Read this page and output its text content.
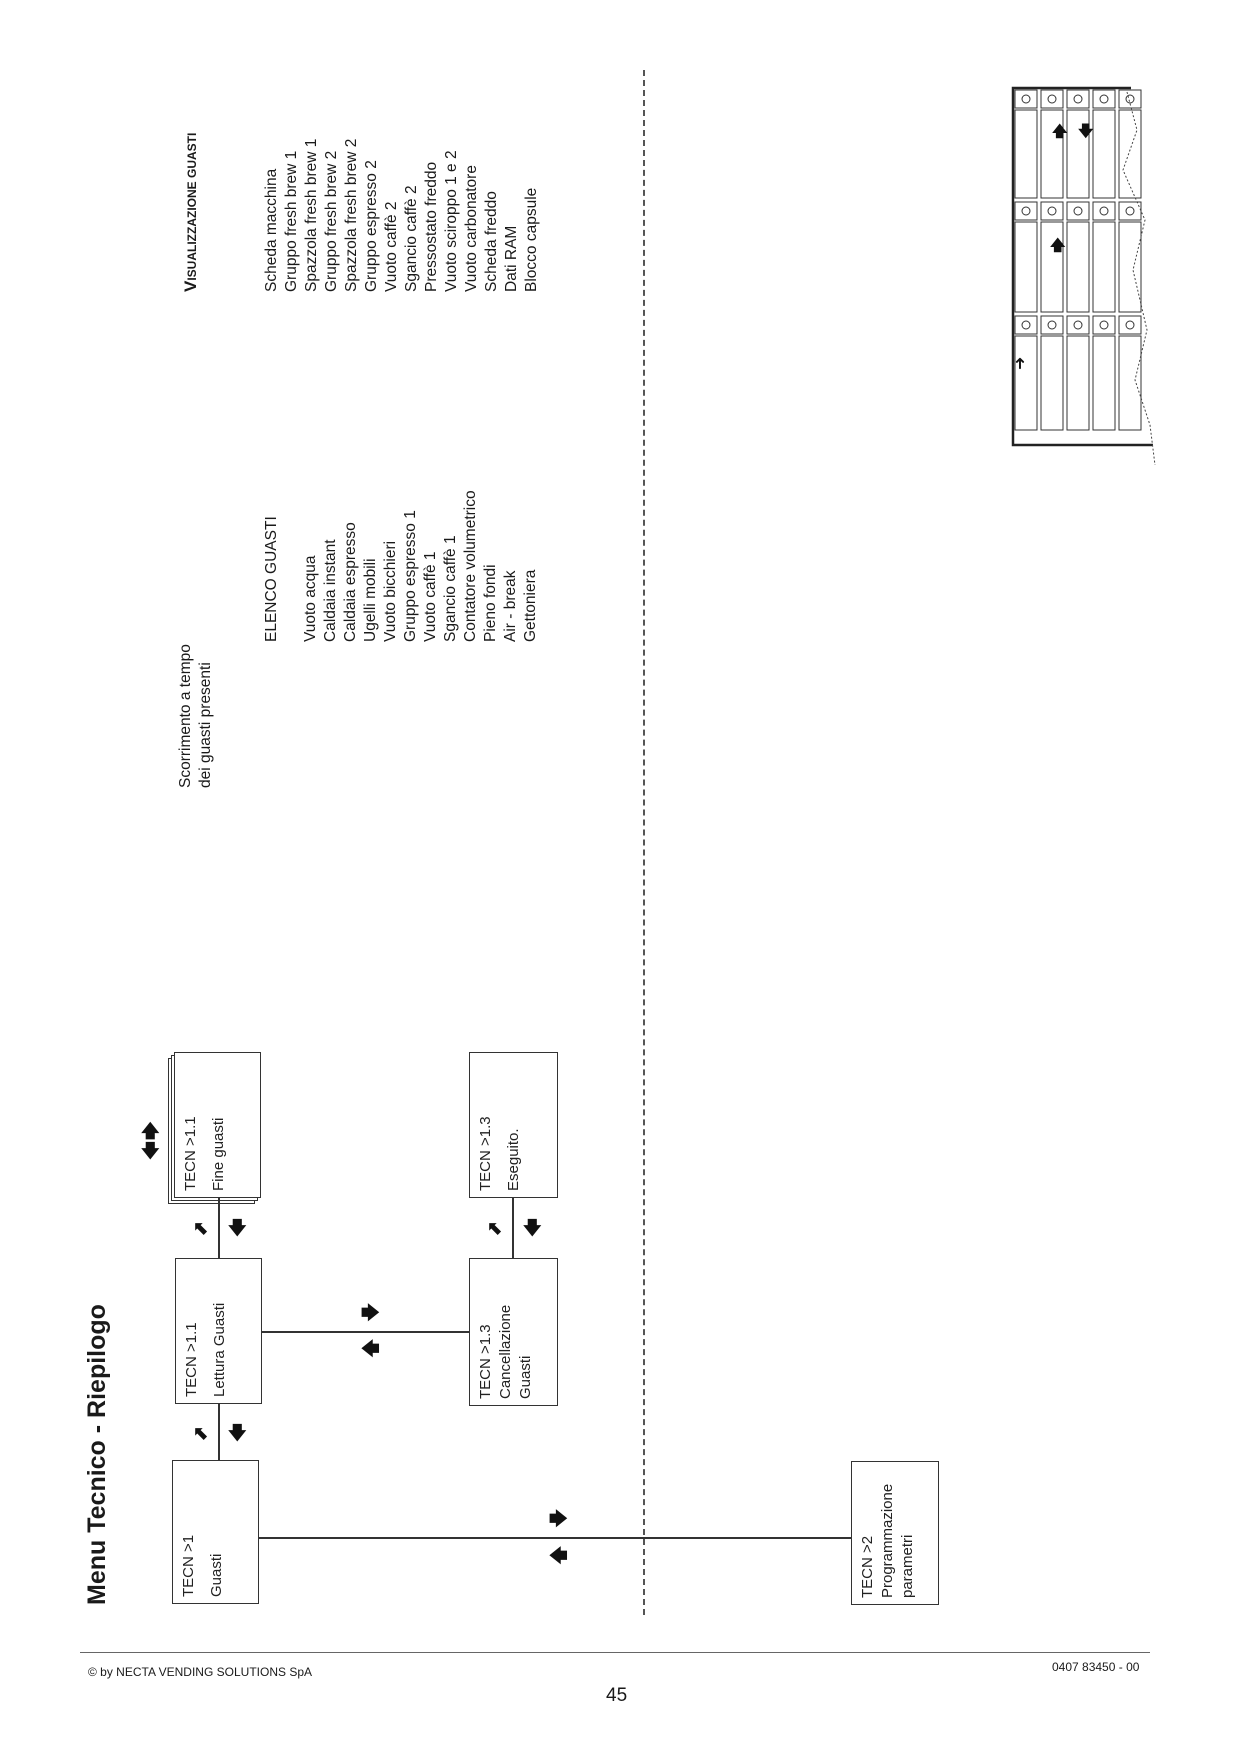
Menu Tecnico - Riepilogo	TECN >1 Guasti
TECN >1.1 Lettura Guasti
TECN >1.1 Fine guasti
TECN >1.3 Cancellazione Guasti
TECN >1.3 Eseguito.
TECN >2 Programmazione parametri
⬉ 🡇
⬉ 🡇
🡇
🡅
🡆
🡄
⬉ 🡇
🡆
🡄
Scorrimento a tempo dei guasti presenti
ELENCO GUASTI Vuoto acqua Caldaia instant Caldaia espresso Ugelli mobili Vuoto bicchieri Gruppo espresso 1 Vuoto caffè 1 Sgancio caffè 1 Contatore volumetrico Pieno fondi Air - break Gettoniera
VISUALIZZAZIONE GUASTI	Scheda macchina Gruppo fresh brew 1 Spazzola fresh brew 1 Gruppo fresh brew 2 Spazzola fresh brew 2 Gruppo espresso 2 Vuoto caffè 2 Sgancio caffè 2 Pressostato freddo Vuoto sciroppo 1 e 2 Vuoto carbonatore Scheda freddo Dati RAM Blocco capsule
➜
🡅
🡅 🡇
© by NECTA VENDING SOLUTIONS SpA
45
0407 83450 - 00
